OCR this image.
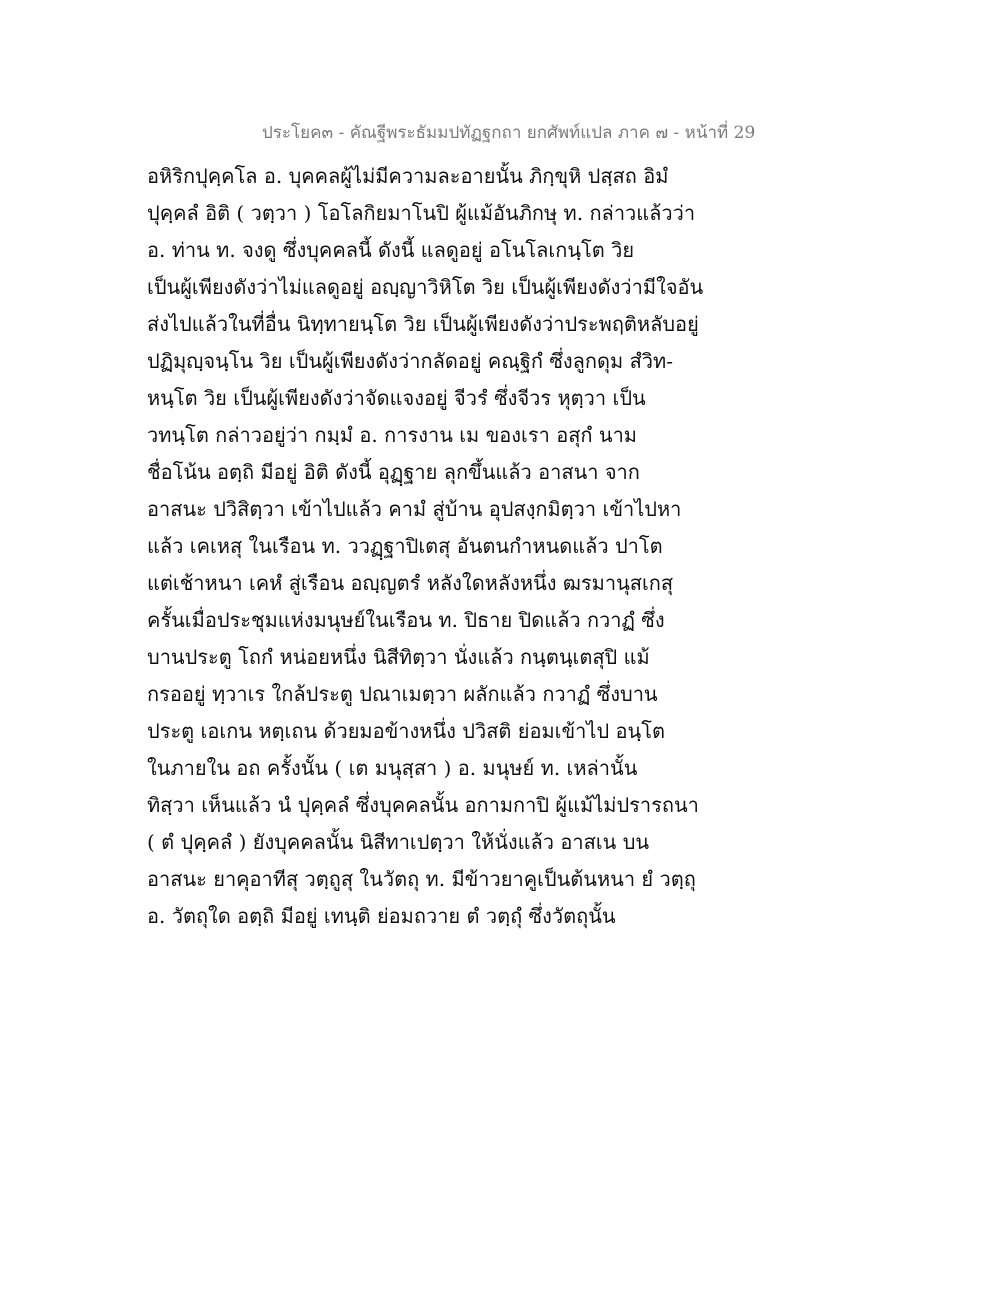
ประโยค๓ - คัณฐีพระธัมมปทัฏฐกถา ยกศัพท์แปล ภาค ๗ - หน้าที่ 29
อหิริกปุคฺคโล อ. บุคคลผู้ไม่มีความละอายนั้น ภิกฺขุหิ ปสฺสถ อิมํ
ปุคฺคลํ อิติ ( วตฺวา ) โอโลกิยมาโนปิ ผู้แม้อันภิกษุ ท. กล่าวแล้วว่า
อ. ท่าน ท. จงดู ซึ่งบุคคลนี้ ดังนี้ แลดูอยู่ อโนโลเกนฺโต วิย
เป็นผู้เพียงดังว่าไม่แลดูอยู่ อญฺญาวิหิโต วิย เป็นผู้เพียงดังว่ามีใจอัน
ส่งไปแล้วในที่อื่น นิทฺทายนฺโต วิย เป็นผู้เพียงดังว่าประพฤติหลับอยู่
ปฏิมุญฺจนฺโน วิย เป็นผู้เพียงดังว่ากลัดอยู่ คณฺฐิกํ ซึ่งลูกดุม สํวิท-
หนฺโต วิย เป็นผู้เพียงดังว่าจัดแจงอยู่ จีวรํ ซึ่งจีวร หุตฺวา เป็น
วทนฺโต กล่าวอยู่ว่า กมฺมํ อ. การงาน เม ของเรา อสุกํ นาม
ชื่อโน้น อตฺถิ มีอยู่ อิติ ดังนี้ อุฏฺฐาย ลุกขึ้นแล้ว อาสนา จาก
อาสนะ ปวิสิตฺวา เข้าไปแล้ว คามํ สู่บ้าน อุปสงฺกมิตฺวา เข้าไปหา
แล้ว เคเหสุ ในเรือน ท. ววฏฺฐาปิเตสุ อันตนกำหนดแล้ว ปาโต
แต่เช้าหนา เคหํ สู่เรือน อญฺญตรํ หลังใดหลังหนึ่ง ฒรมานุสเกสุ
ครั้นเมื่อประชุมแห่งมนุษย์ในเรือน ท. ปิธาย ปิดแล้ว กวาฏํ ซึ่ง
บานประตู โถกํ หน่อยหนึ่ง นิสีทิตฺวา นั่งแล้ว กนฺตนฺเตสุปิ แม้
กรออยู่ ทฺวาเร ใกล้ประตู ปณาเมตฺวา ผลักแล้ว กวาฏํ ซึ่งบาน
ประตู เอเกน หตฺเถน ด้วยมอข้างหนึ่ง ปวิสติ ย่อมเข้าไป อนฺโต
ในภายใน อถ ครั้งนั้น ( เต มนุสฺสา ) อ. มนุษย์ ท. เหล่านั้น
ทิสฺวา เห็นแล้ว นํ ปุคฺคลํ ซึ่งบุคคลนั้น อกามกาปิ ผู้แม้ไม่ปรารถนา
( ตํ ปุคฺคลํ ) ยังบุคคลนั้น นิสีทาเปตฺวา ให้นั่งแล้ว อาสเน บน
อาสนะ ยาคุอาทีสุ วตฺถูสุ ในวัตถุ ท. มีข้าวยาคูเป็นต้นหนา ยํ วตฺถุ
อ. วัตถุใด อตฺถิ มีอยู่ เทนฺติ ย่อมถวาย ตํ วตฺถุํ ซึ่งวัตถุนั้น
